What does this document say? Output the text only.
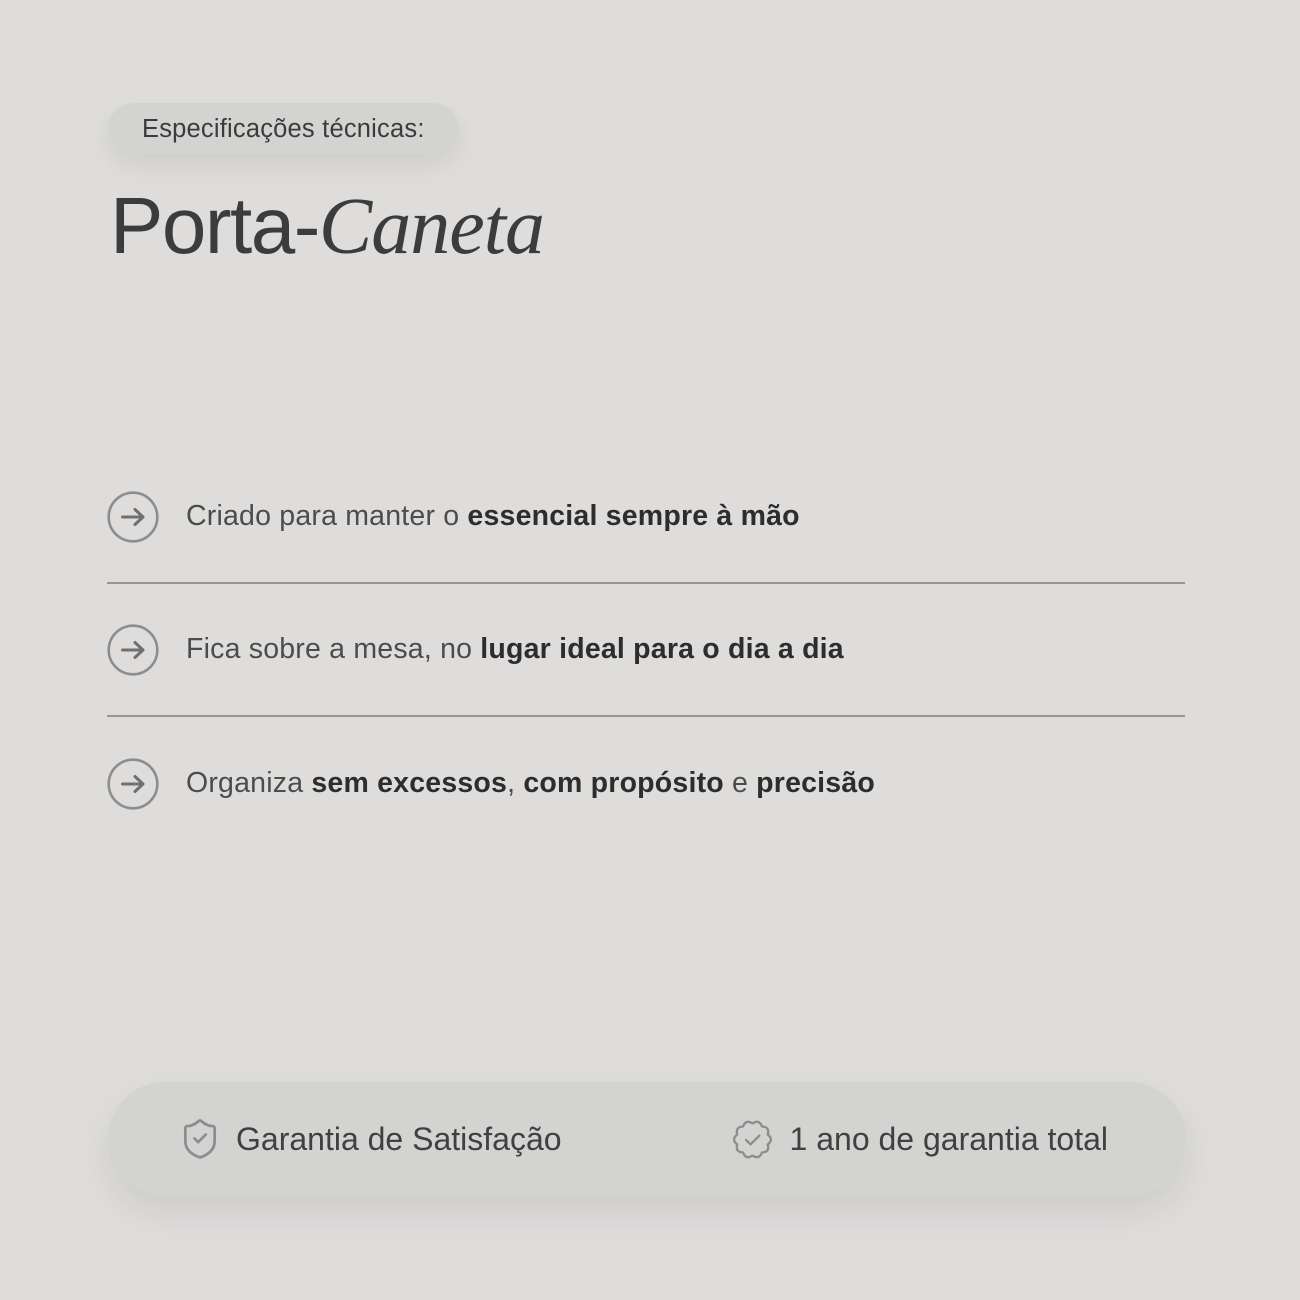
Especificações técnicas:
Porta-Caneta

Criado para manter o essencial sempre à mão

Fica sobre a mesa, no lugar ideal para o dia a dia

Organiza sem excessos, com propósito e precisão

Garantia de Satisfação	1 ano de garantia total
